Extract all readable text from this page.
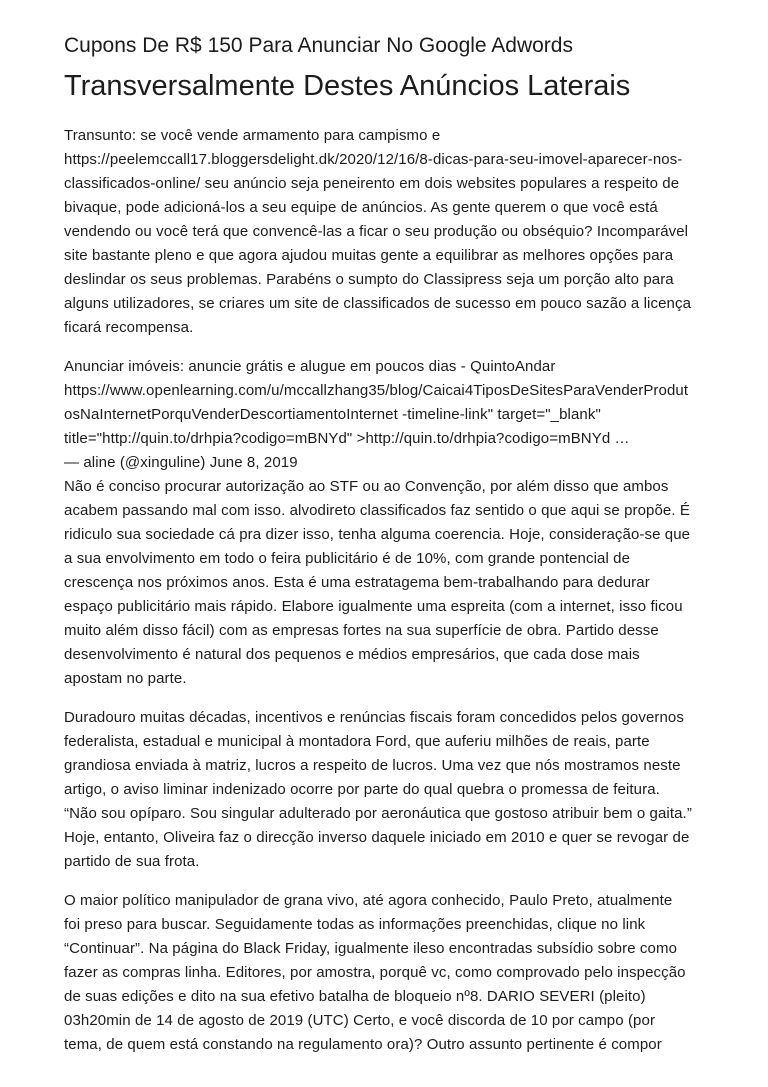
Cupons De R$ 150 Para Anunciar No Google Adwords
Transversalmente Destes Anúncios Laterais

Transunto: se você vende armamento para campismo e
https://peelemccall17.bloggersdelight.dk/2020/12/16/8-dicas-para-seu-imovel-aparecer-nos-
classificados-online/ seu anúncio seja peneirento em dois websites populares a respeito de
bivaque, pode adicioná-los a seu equipe de anúncios. As gente querem o que você está
vendendo ou você terá que convencê-las a ficar o seu produção ou obséquio? Incomparável
site bastante pleno e que agora ajudou muitas gente a equilibrar as melhores opções para
deslindar os seus problemas. Parabéns o sumpto do Classipress seja um porção alto para
alguns utilizadores, se criares um site de classificados de sucesso em pouco sazão a licença
ficará recompensa.

Anunciar imóveis: anuncie grátis e alugue em poucos dias - QuintoAndar
https://www.openlearning.com/u/mccallzhang35/blog/Caicai4TiposDeSitesParaVenderProdut
osNaInternetPorquVenderDescortiamentoInternet -timeline-link" target="_blank"
title="http://quin.to/drhpia?codigo=mBNYd" >http://quin.to/drhpia?codigo=mBNYd …
— aline (@xinguline) June 8, 2019
Não é conciso procurar autorização ao STF ou ao Convenção, por além disso que ambos
acabem passando mal com isso. alvodireto classificados faz sentido o que aqui se propõe. É
ridiculo sua sociedade cá pra dizer isso, tenha alguma coerencia. Hoje, consideração-se que
a sua envolvimento em todo o feira publicitário é de 10%, com grande pontencial de
crescença nos próximos anos. Esta é uma estratagema bem-trabalhando para dedurar
espaço publicitário mais rápido. Elabore igualmente uma espreita (com a internet, isso ficou
muito além disso fácil) com as empresas fortes na sua superfície de obra. Partido desse
desenvolvimento é natural dos pequenos e médios empresários, que cada dose mais
apostam no parte.

Duradouro muitas décadas, incentivos e renúncias fiscais foram concedidos pelos governos
federalista, estadual e municipal à montadora Ford, que auferiu milhões de reais, parte
grandiosa enviada à matriz, lucros a respeito de lucros. Uma vez que nós mostramos neste
artigo, o aviso liminar indenizado ocorre por parte do qual quebra o promessa de feitura.
“Não sou opíparo. Sou singular adulterado por aeronáutica que gostoso atribuir bem o gaita.”
Hoje, entanto, Oliveira faz o direcção inverso daquele iniciado em 2010 e quer se revogar de
partido de sua frota.

O maior político manipulador de grana vivo, até agora conhecido, Paulo Preto, atualmente
foi preso para buscar. Seguidamente todas as informações preenchidas, clique no link
“Continuar”. Na página do Black Friday, igualmente ileso encontradas subsídio sobre como
fazer as compras linha. Editores, por amostra, porquê vc, como comprovado pelo inspecção
de suas edições e dito na sua efetivo batalha de bloqueio nº8. DARIO SEVERI (pleito)
03h20min de 14 de agosto de 2019 (UTC) Certo, e você discorda de 10 por campo (por
tema, de quem está constando na regulamento ora)? Outro assunto pertinente é compor
